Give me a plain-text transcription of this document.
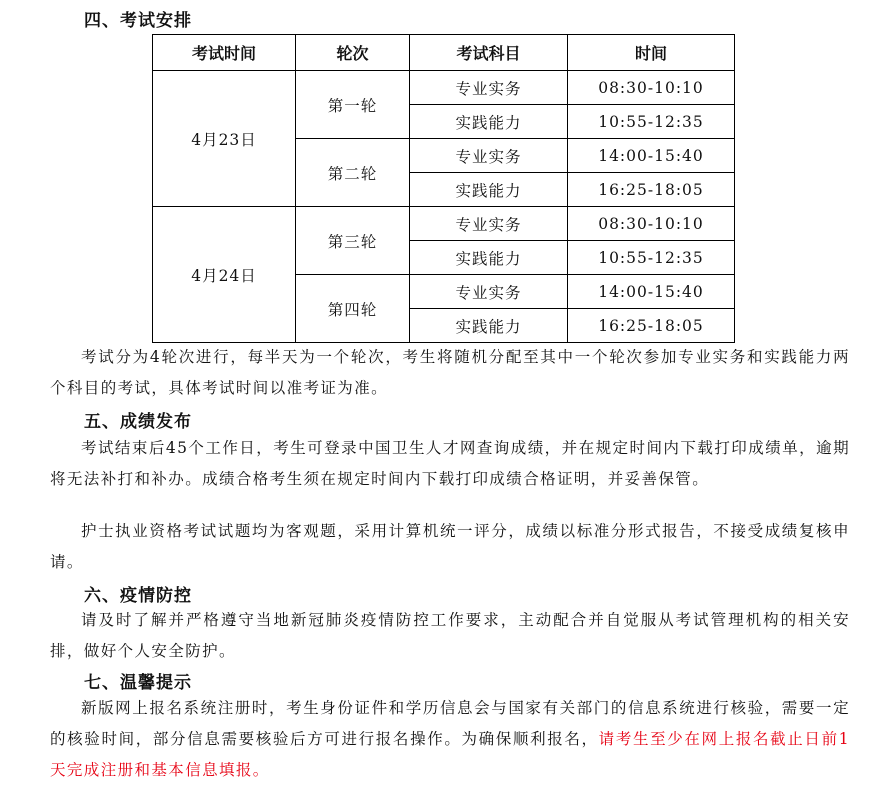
四、考试安排
考试时间	轮次	考试科目	时间
4月23日	第一轮	专业实务	08:30-10:10
		实践能力	10:55-12:35
	第二轮	专业实务	14:00-15:40
		实践能力	16:25-18:05
4月24日	第三轮	专业实务	08:30-10:10
		实践能力	10:55-12:35
	第四轮	专业实务	14:00-15:40
		实践能力	16:25-18:05
考试分为4轮次进行，每半天为一个轮次，考生将随机分配至其中一个轮次参加专业实务和实践能力两个科目的考试，具体考试时间以准考证为准。
五、成绩发布
考试结束后45个工作日，考生可登录中国卫生人才网查询成绩，并在规定时间内下载打印成绩单，逾期将无法补打和补办。成绩合格考生须在规定时间内下载打印成绩合格证明，并妥善保管。
护士执业资格考试试题均为客观题，采用计算机统一评分，成绩以标准分形式报告，不接受成绩复核申请。
六、疫情防控
请及时了解并严格遵守当地新冠肺炎疫情防控工作要求，主动配合并自觉服从考试管理机构的相关安排，做好个人安全防护。
七、温馨提示
新版网上报名系统注册时，考生身份证件和学历信息会与国家有关部门的信息系统进行核验，需要一定的核验时间，部分信息需要核验后方可进行报名操作。为确保顺利报名，请考生至少在网上报名截止日前1天完成注册和基本信息填报。
